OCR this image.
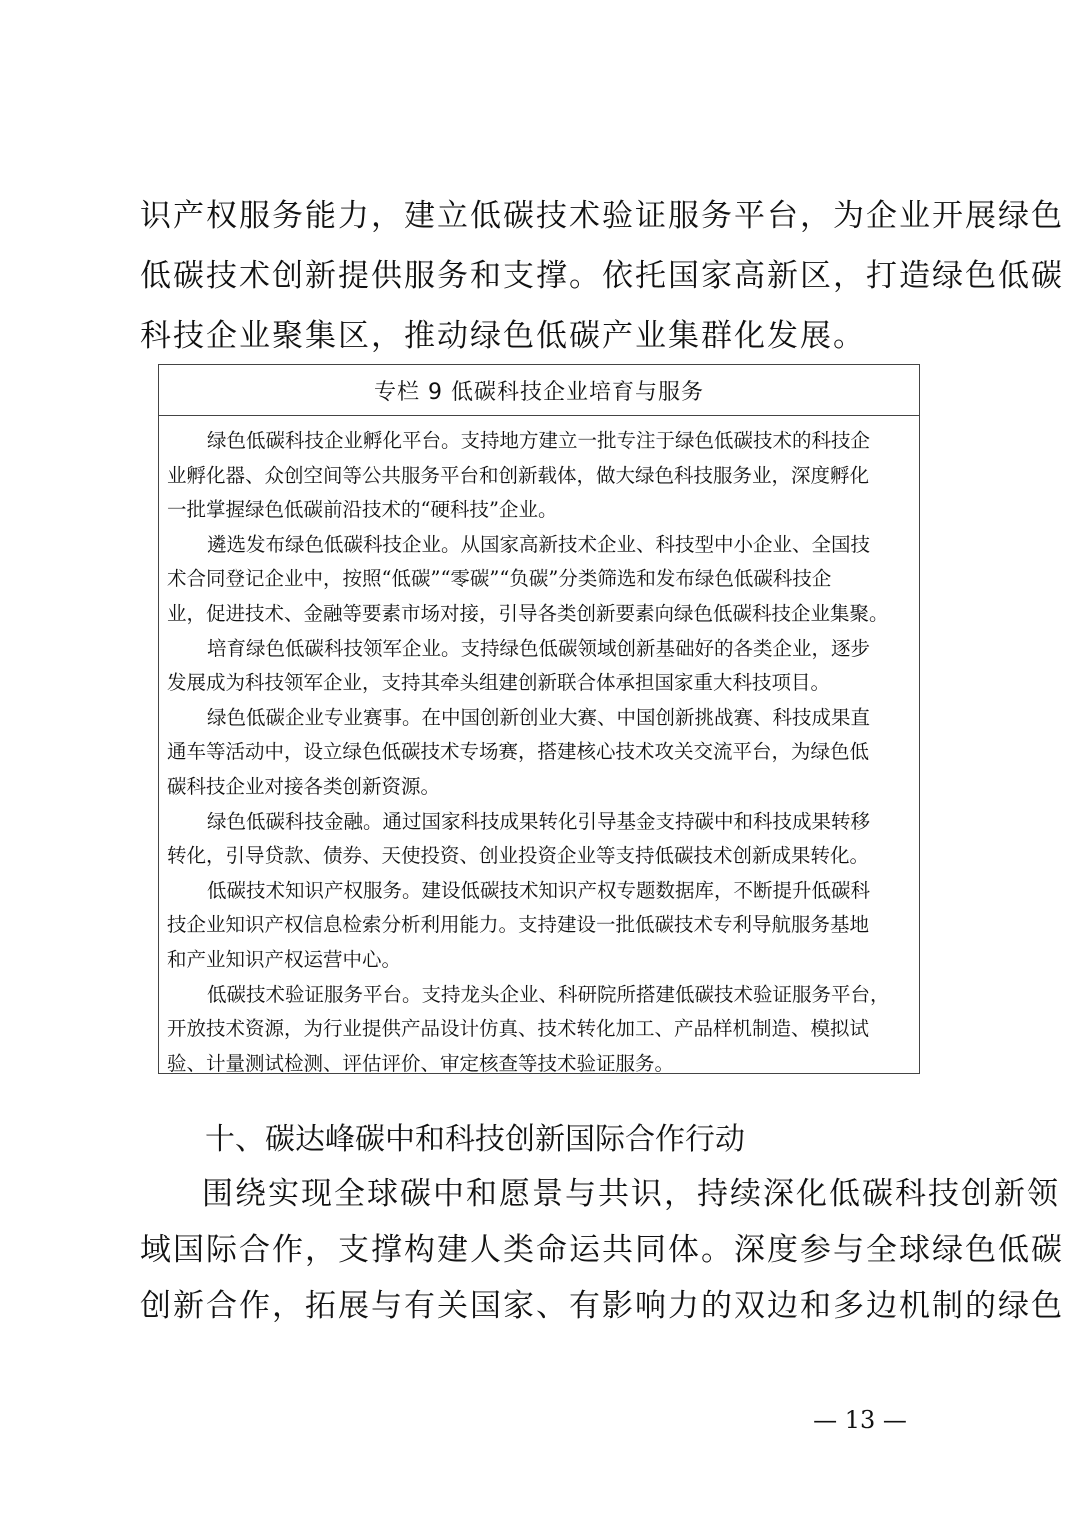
识产权服务能力，建立低碳技术验证服务平台，为企业开展绿色
低碳技术创新提供服务和支撑。依托国家高新区，打造绿色低碳
科技企业聚集区，推动绿色低碳产业集群化发展。
专栏 9 低碳科技企业培育与服务
绿色低碳科技企业孵化平台。支持地方建立一批专注于绿色低碳技术的科技企
业孵化器、众创空间等公共服务平台和创新载体，做大绿色科技服务业，深度孵化
一批掌握绿色低碳前沿技术的“硬科技”企业。
遴选发布绿色低碳科技企业。从国家高新技术企业、科技型中小企业、全国技
术合同登记企业中，按照“低碳”“零碳”“负碳”分类筛选和发布绿色低碳科技企
业，促进技术、金融等要素市场对接，引导各类创新要素向绿色低碳科技企业集聚。
培育绿色低碳科技领军企业。支持绿色低碳领域创新基础好的各类企业，逐步
发展成为科技领军企业，支持其牵头组建创新联合体承担国家重大科技项目。
绿色低碳企业专业赛事。在中国创新创业大赛、中国创新挑战赛、科技成果直
通车等活动中，设立绿色低碳技术专场赛，搭建核心技术攻关交流平台，为绿色低
碳科技企业对接各类创新资源。
绿色低碳科技金融。通过国家科技成果转化引导基金支持碳中和科技成果转移
转化，引导贷款、债券、天使投资、创业投资企业等支持低碳技术创新成果转化。
低碳技术知识产权服务。建设低碳技术知识产权专题数据库，不断提升低碳科
技企业知识产权信息检索分析利用能力。支持建设一批低碳技术专利导航服务基地
和产业知识产权运营中心。
低碳技术验证服务平台。支持龙头企业、科研院所搭建低碳技术验证服务平台，
开放技术资源，为行业提供产品设计仿真、技术转化加工、产品样机制造、模拟试
验、计量测试检测、评估评价、审定核查等技术验证服务。
十、碳达峰碳中和科技创新国际合作行动
围绕实现全球碳中和愿景与共识，持续深化低碳科技创新领
域国际合作，支撑构建人类命运共同体。深度参与全球绿色低碳
创新合作，拓展与有关国家、有影响力的双边和多边机制的绿色
— 13 —
